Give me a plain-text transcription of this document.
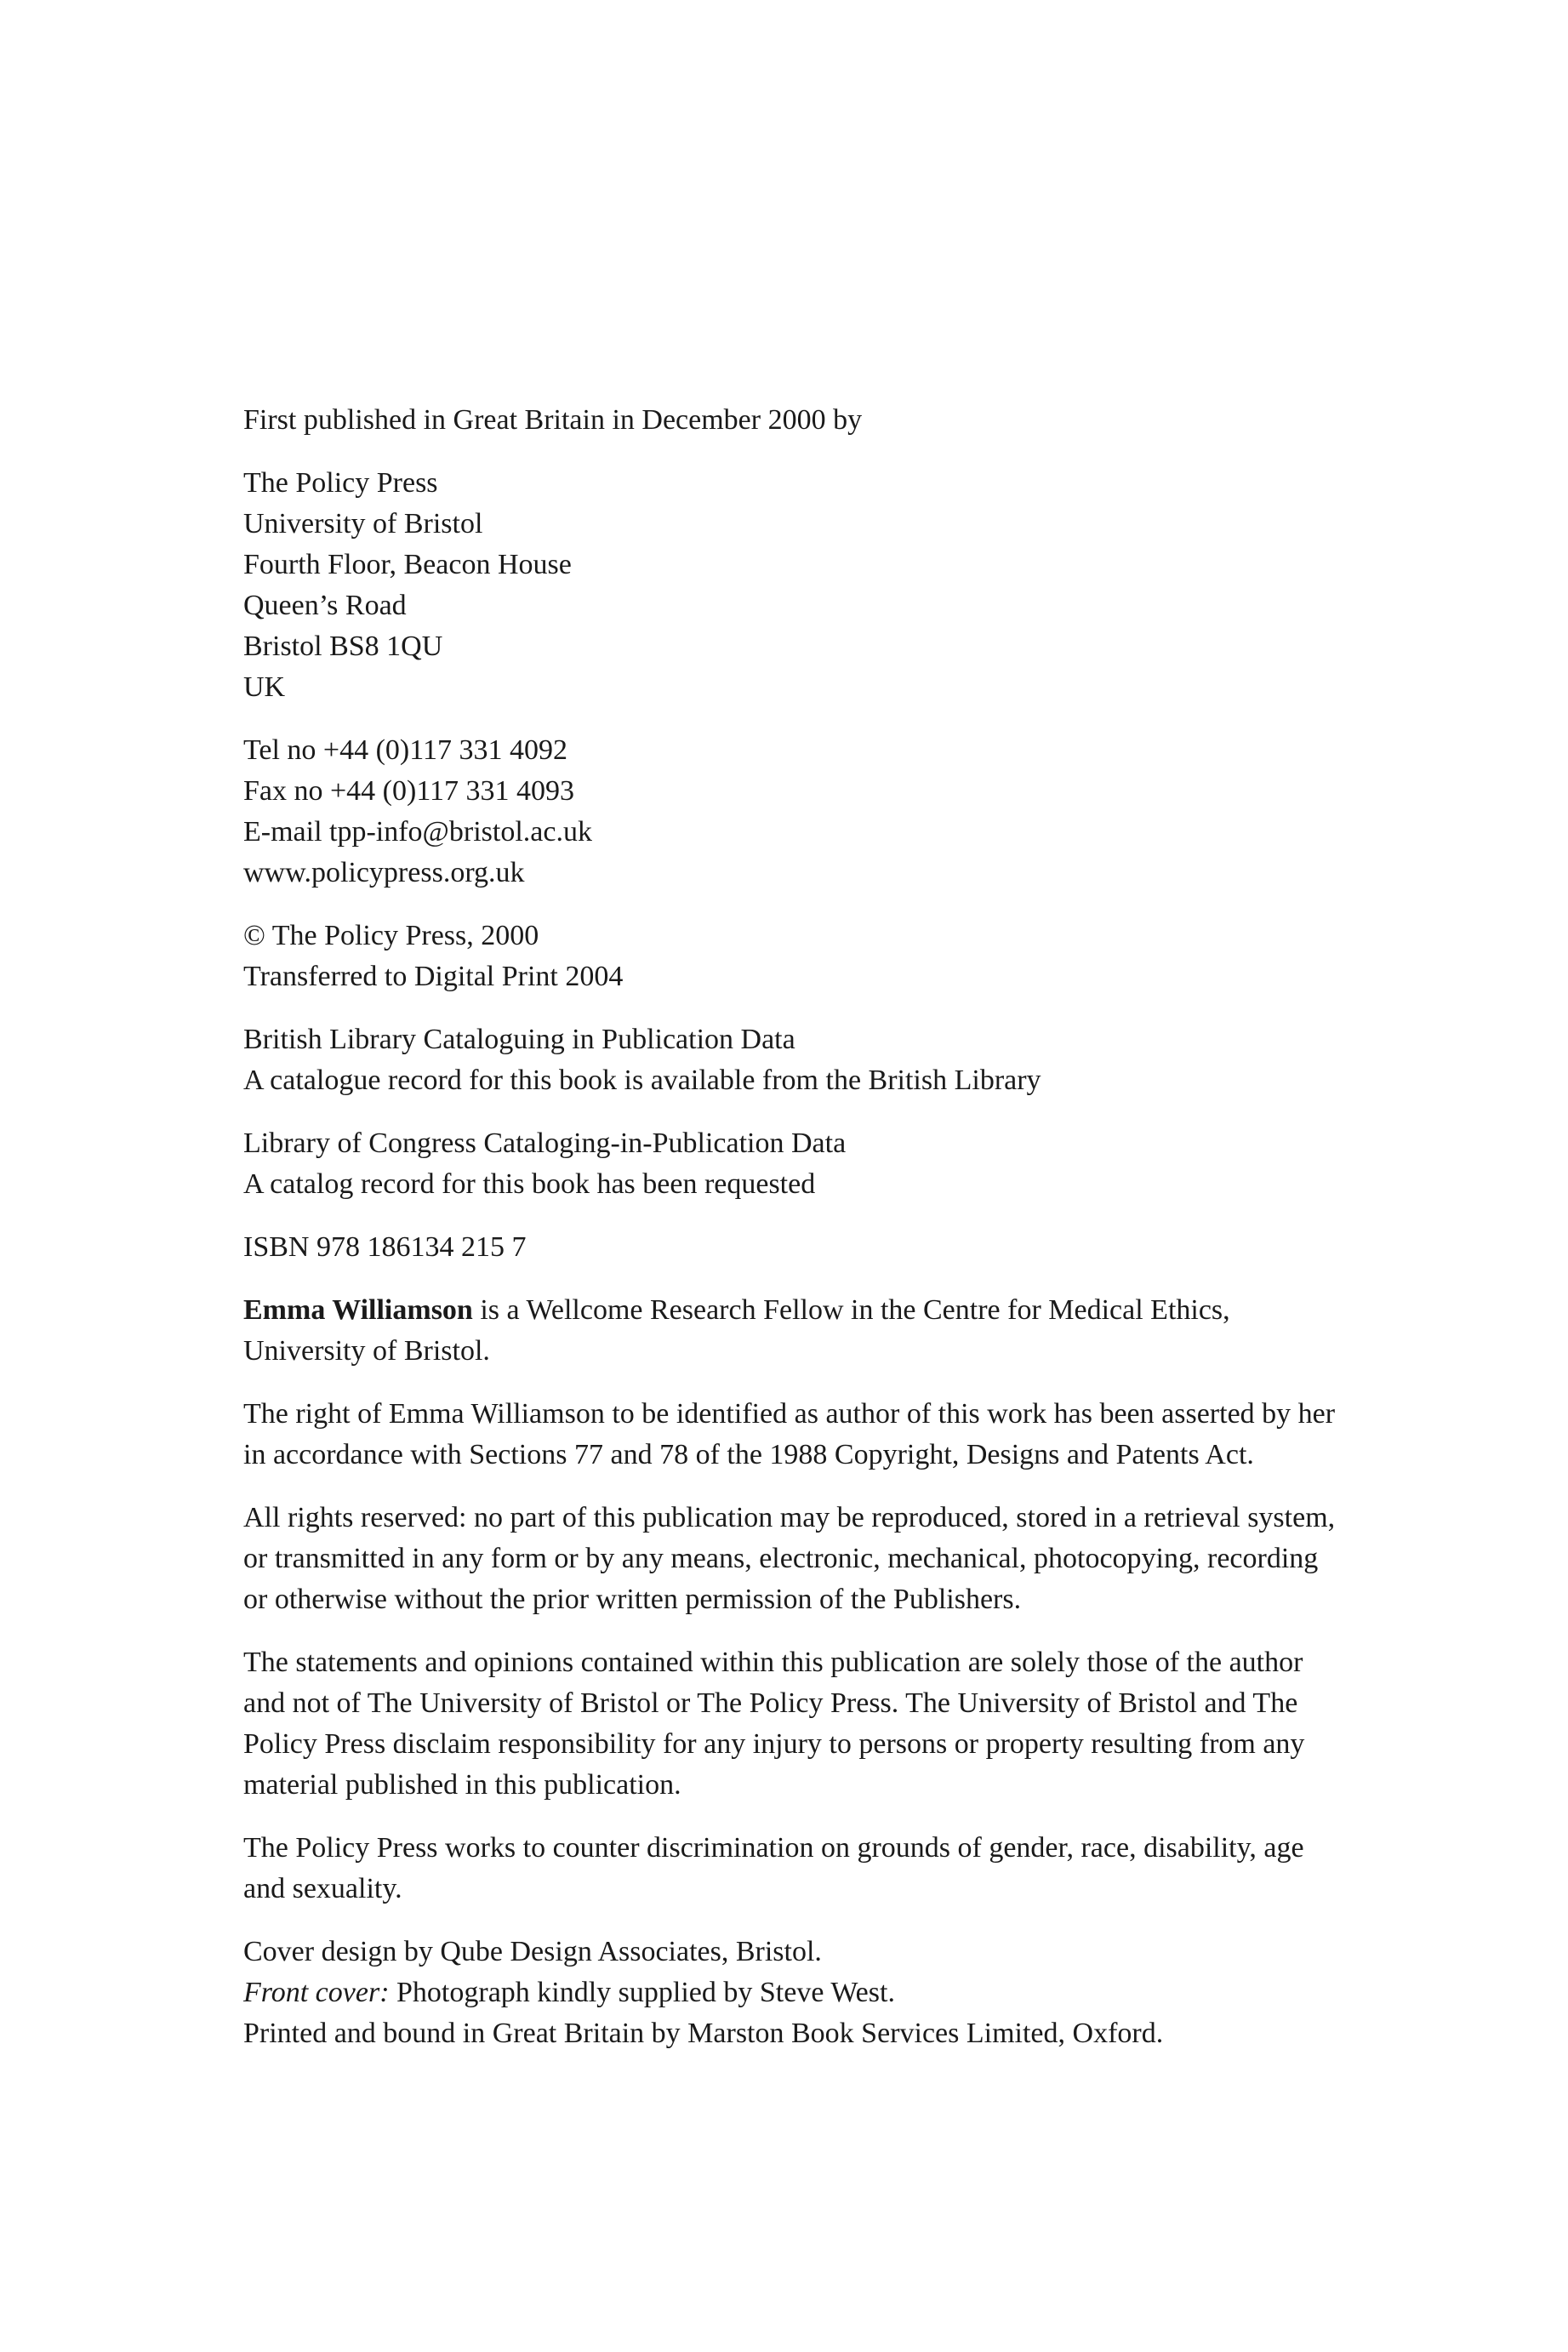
First published in Great Britain in December 2000 by
The Policy Press
University of Bristol
Fourth Floor, Beacon House
Queen’s Road
Bristol BS8 1QU
UK
Tel no +44 (0)117 331 4092
Fax no +44 (0)117 331 4093
E-mail tpp-info@bristol.ac.uk
www.policypress.org.uk
© The Policy Press, 2000
Transferred to Digital Print 2004
British Library Cataloguing in Publication Data
A catalogue record for this book is available from the British Library
Library of Congress Cataloging-in-Publication Data
A catalog record for this book has been requested
ISBN 978 186134 215 7
Emma Williamson is a Wellcome Research Fellow in the Centre for Medical Ethics, University of Bristol.
The right of Emma Williamson to be identified as author of this work has been asserted by her in accordance with Sections 77 and 78 of the 1988 Copyright, Designs and Patents Act.
All rights reserved: no part of this publication may be reproduced, stored in a retrieval system, or transmitted in any form or by any means, electronic, mechanical, photocopying, recording or otherwise without the prior written permission of the Publishers.
The statements and opinions contained within this publication are solely those of the author and not of The University of Bristol or The Policy Press. The University of Bristol and The Policy Press disclaim responsibility for any injury to persons or property resulting from any material published in this publication.
The Policy Press works to counter discrimination on grounds of gender, race, disability, age and sexuality.
Cover design by Qube Design Associates, Bristol.
Front cover: Photograph kindly supplied by Steve West.
Printed and bound in Great Britain by Marston Book Services Limited, Oxford.
